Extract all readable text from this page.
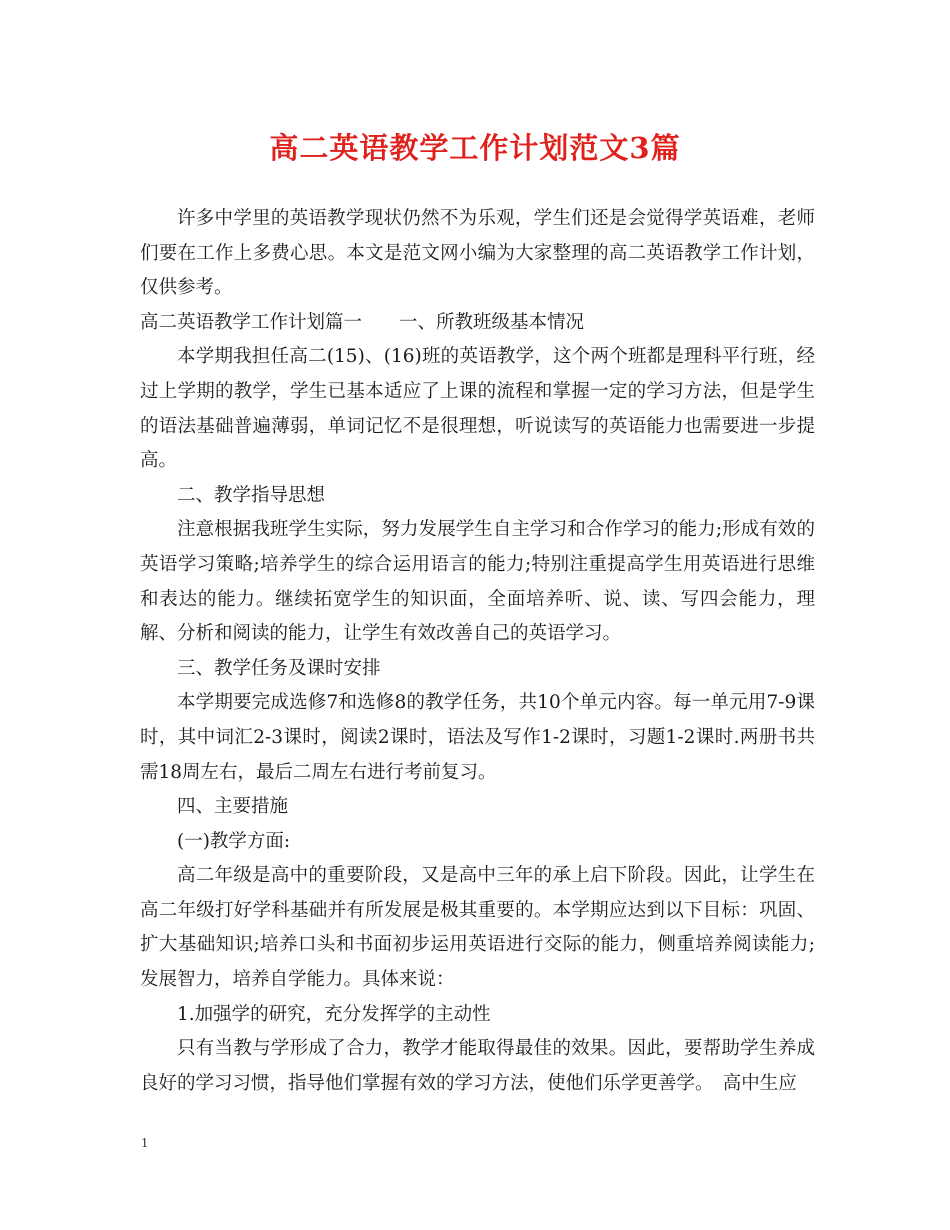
高二英语教学工作计划范文3篇

许多中学里的英语教学现状仍然不为乐观，学生们还是会觉得学英语难，老师们要在工作上多费心思。本文是范文网小编为大家整理的高二英语教学工作计划，仅供参考。

高二英语教学工作计划篇一　　一、所教班级基本情况

本学期我担任高二(15)、(16)班的英语教学，这个两个班都是理科平行班，经过上学期的教学，学生已基本适应了上课的流程和掌握一定的学习方法，但是学生的语法基础普遍薄弱，单词记忆不是很理想，听说读写的英语能力也需要进一步提高。

二、教学指导思想

注意根据我班学生实际，努力发展学生自主学习和合作学习的能力;形成有效的英语学习策略;培养学生的综合运用语言的能力;特别注重提高学生用英语进行思维和表达的能力。继续拓宽学生的知识面，全面培养听、说、读、写四会能力，理解、分析和阅读的能力，让学生有效改善自己的英语学习。

三、教学任务及课时安排

本学期要完成选修7和选修8的教学任务，共10个单元内容。每一单元用7-9课时，其中词汇2-3课时，阅读2课时，语法及写作1-2课时，习题1-2课时.两册书共需18周左右，最后二周左右进行考前复习。

四、主要措施

(一)教学方面:

高二年级是高中的重要阶段，又是高中三年的承上启下阶段。因此，让学生在高二年级打好学科基础并有所发展是极其重要的。本学期应达到以下目标：巩固、扩大基础知识;培养口头和书面初步运用英语进行交际的能力，侧重培养阅读能力;发展智力，培养自学能力。具体来说：

1.加强学的研究，充分发挥学的主动性

只有当教与学形成了合力，教学才能取得最佳的效果。因此，要帮助学生养成良好的学习习惯，指导他们掌握有效的学习方法，使他们乐学更善学。　高中生应

1
